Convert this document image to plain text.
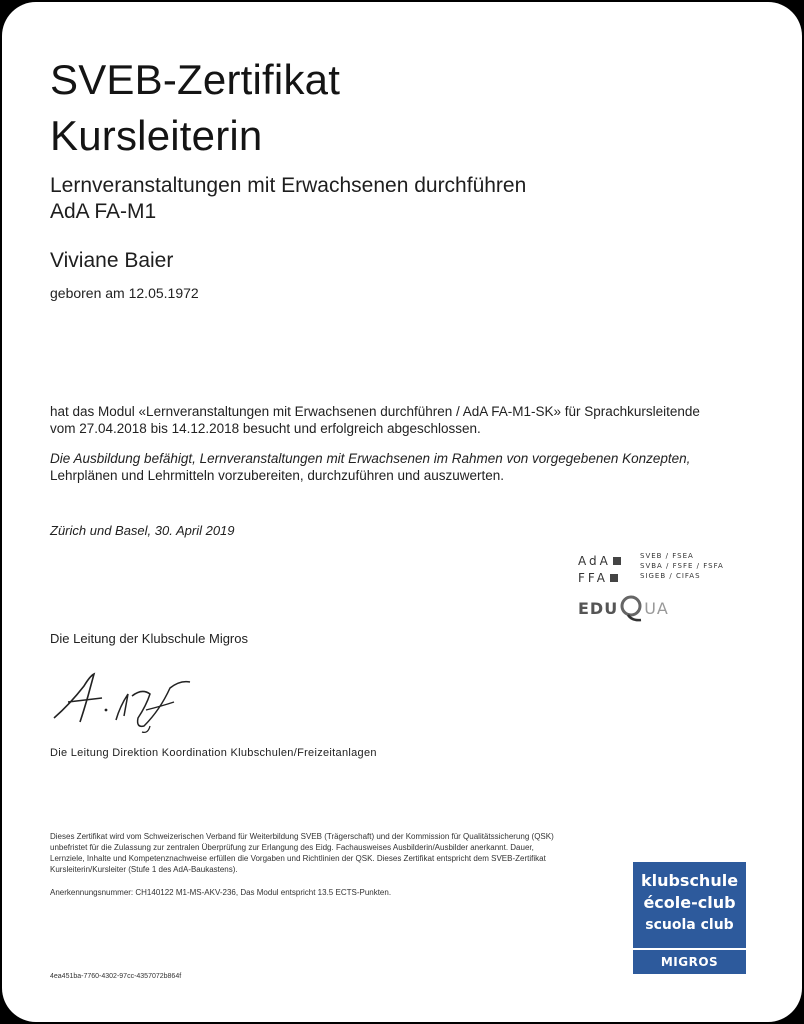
SVEB-Zertifikat
Kursleiterin
Lernveranstaltungen mit Erwachsenen durchführen
AdA FA-M1
Viviane Baier
geboren am 12.05.1972
hat das Modul «Lernveranstaltungen mit Erwachsenen durchführen / AdA FA-M1-SK» für Sprachkursleitende
vom 27.04.2018 bis 14.12.2018 besucht und erfolgreich abgeschlossen.
Die Ausbildung befähigt, Lernveranstaltungen mit Erwachsenen im Rahmen von vorgegebenen Konzepten,
Lehrplänen und Lehrmitteln vorzubereiten, durchzuführen und auszuwerten.
Zürich und Basel, 30. April 2019
AdA
FFA
SVEB / FSEA
SVBA / FSFE / FSFA
SIGEB / CIFAS
EDU UA
Die Leitung der Klubschule Migros
Die Leitung Direktion Koordination Klubschulen/Freizeitanlagen
Dieses Zertifikat wird vom Schweizerischen Verband für Weiterbildung SVEB (Trägerschaft) und der Kommission für Qualitätssicherung (QSK) unbefristet für die Zulassung zur zentralen Überprüfung zur Erlangung des Eidg. Fachausweises Ausbilderin/Ausbilder anerkannt. Dauer, Lernziele, Inhalte und Kompetenznachweise erfüllen die Vorgaben und Richtlinien der QSK. Dieses Zertifikat entspricht dem SVEB-Zertifikat Kursleiterin/Kursleiter (Stufe 1 des AdA-Baukastens).
Anerkennungsnummer: CH140122 M1-MS-AKV-236, Das Modul entspricht 13.5 ECTS-Punkten.
4ea451ba-7760-4302-97cc-4357072b864f
klubschule
école-club
scuola club
MIGROS
